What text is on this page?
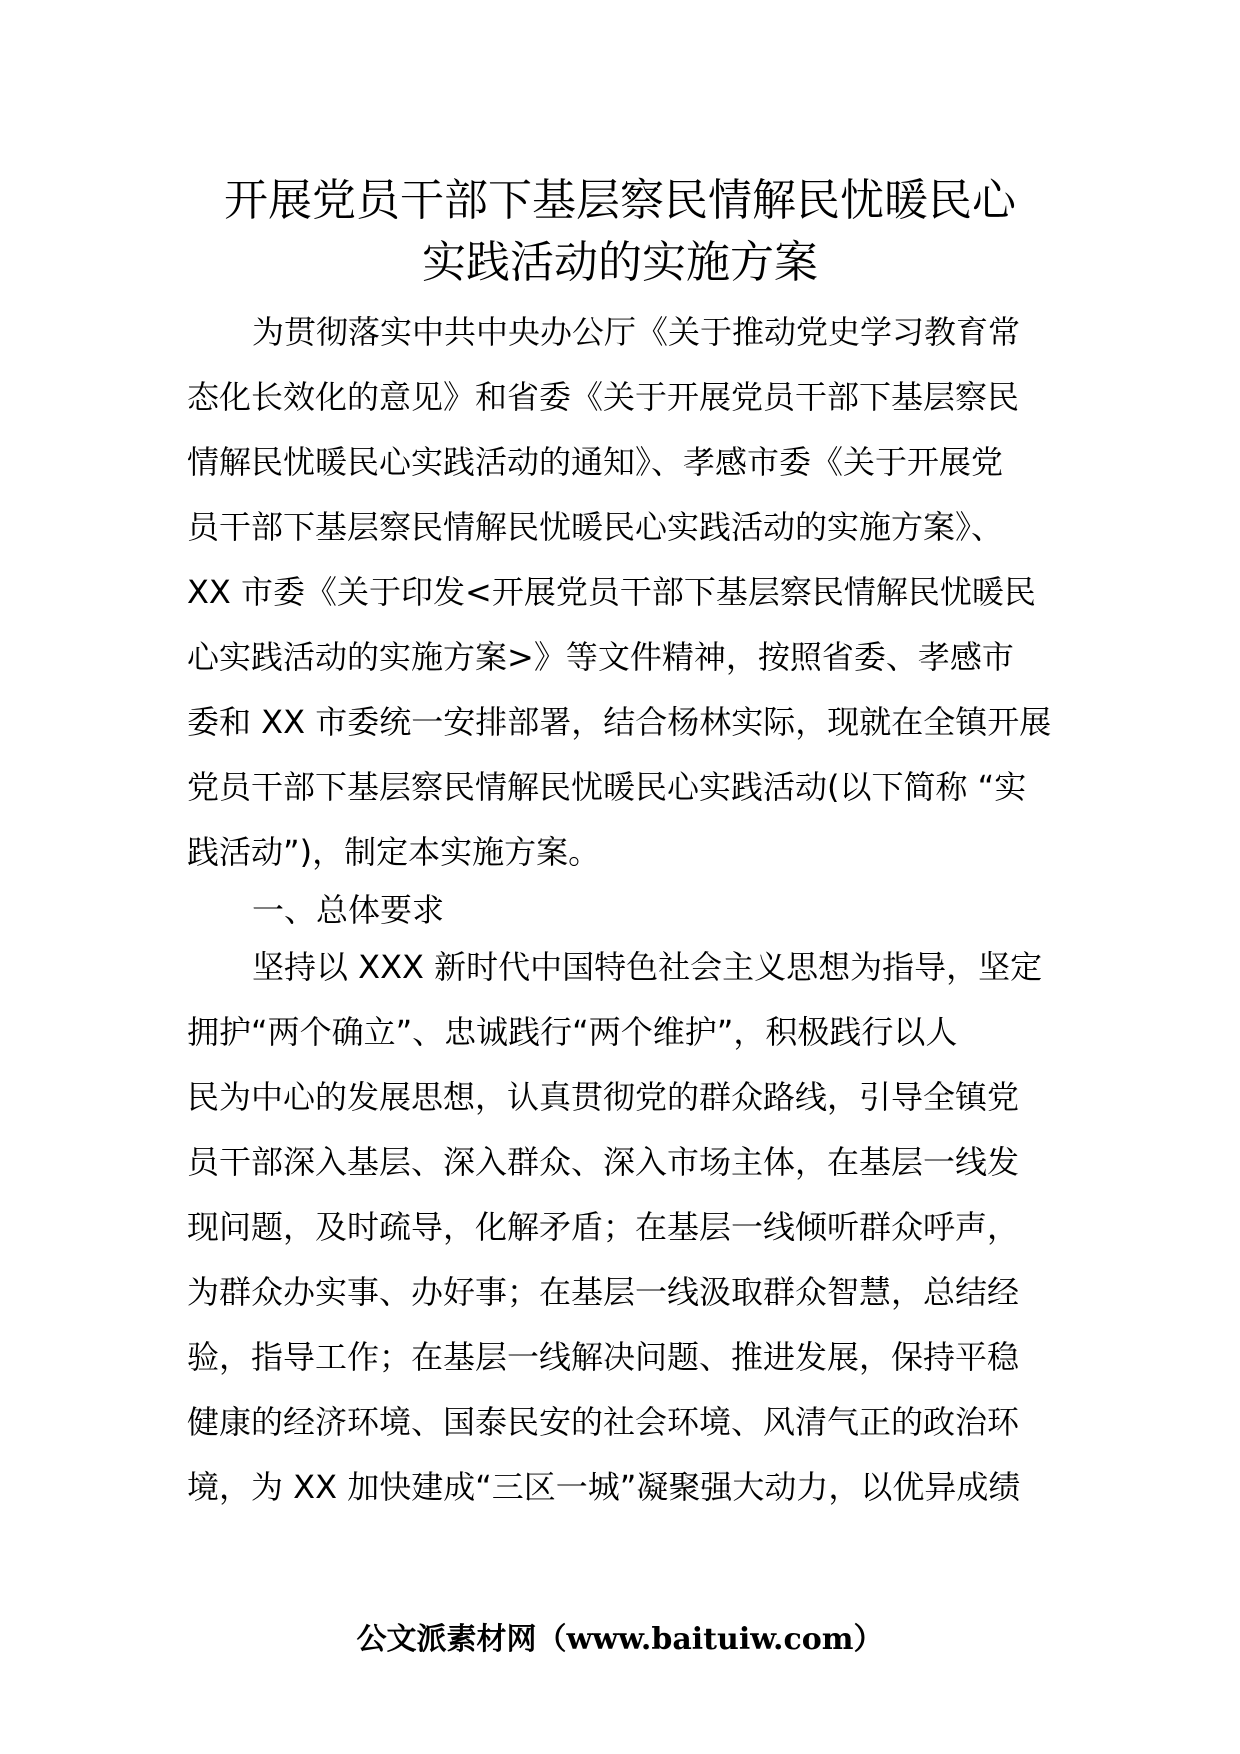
开展党员干部下基层察民情解民忧暖民心
实践活动的实施方案
为贯彻落实中共中央办公厅《关于推动党史学习教育常
态化长效化的意见》和省委《关于开展党员干部下基层察民
情解民忧暖民心实践活动的通知》、孝感市委《关于开展党
员干部下基层察民情解民忧暖民心实践活动的实施方案》、
XX 市委《关于印发<开展党员干部下基层察民情解民忧暖民
心实践活动的实施方案>》等文件精神，按照省委、孝感市
委和 XX 市委统一安排部署，结合杨林实际，现就在全镇开展
党员干部下基层察民情解民忧暖民心实践活动(以下简称 “实
践活动”)，制定本实施方案。
一、总体要求
坚持以 XXX 新时代中国特色社会主义思想为指导，坚定
拥护“两个确立”、忠诚践行“两个维护”，积极践行以人
民为中心的发展思想，认真贯彻党的群众路线，引导全镇党
员干部深入基层、深入群众、深入市场主体，在基层一线发
现问题，及时疏导，化解矛盾；在基层一线倾听群众呼声，
为群众办实事、办好事；在基层一线汲取群众智慧，总结经
验，指导工作；在基层一线解决问题、推进发展，保持平稳
健康的经济环境、国泰民安的社会环境、风清气正的政治环
境，为 XX 加快建成“三区一城”凝聚强大动力，以优异成绩
公文派素材网（www.baituiw.com）
